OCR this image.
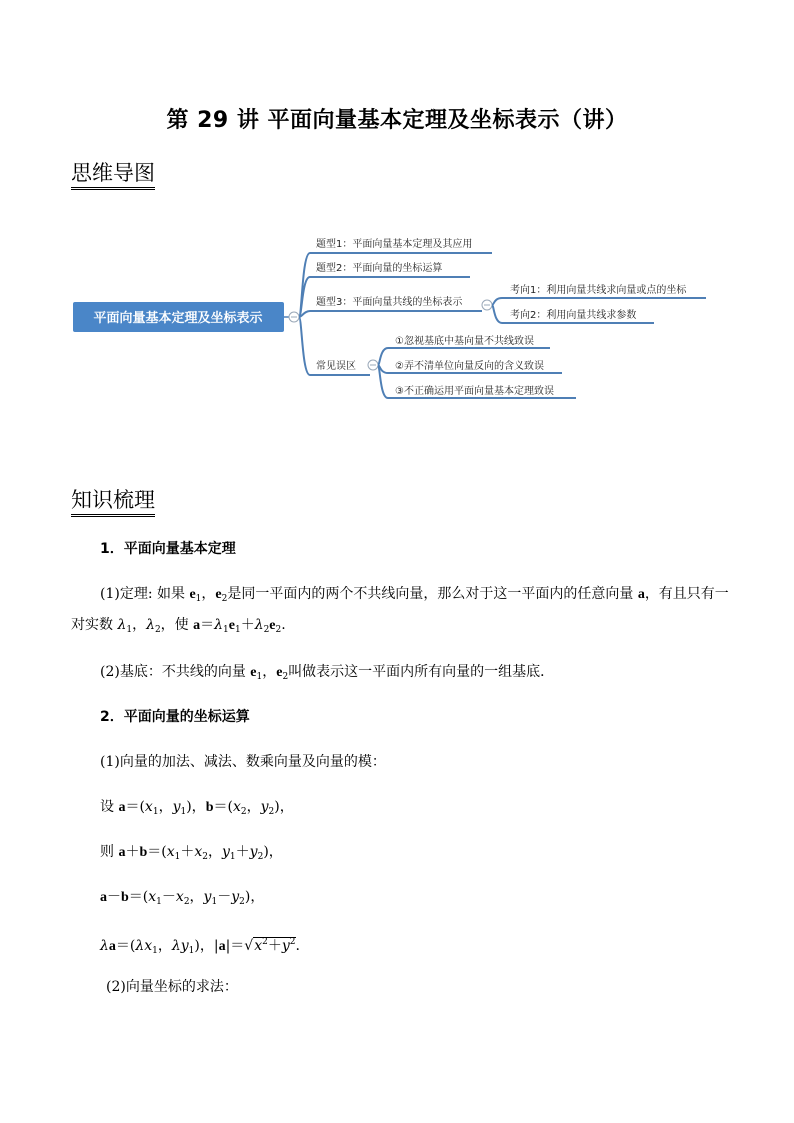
第 29 讲 平面向量基本定理及坐标表示（讲）
思维导图
平面向量基本定理及坐标表示
题型1：平面向量基本定理及其应用
题型2：平面向量的坐标运算
题型3：平面向量共线的坐标表示
常见误区
考向1：利用向量共线求向量或点的坐标
考向2：利用向量共线求参数
①忽视基底中基向量不共线致误
②弄不清单位向量反向的含义致误
③不正确运用平面向量基本定理致误
知识梳理
1．平面向量基本定理
(1)定理: 如果 $e_1$，$e_2$是同一平面内的两个不共线向量，那么对于这一平面内的任意向量 a，有且只有一
对实数 $\lambda_1$，$\lambda_2$，使 $a=\lambda_1e_1+\lambda_2e_2$.
(2)基底：不共线的向量 $e_1$，$e_2$叫做表示这一平面内所有向量的一组基底．
2．平面向量的坐标运算
(1)向量的加法、减法、数乘向量及向量的模：
设 $a=(x_1$，$y_1$)，$b=(x_2$，$y_2$)，
则 $a+b=(x_1+x_2$，$y_1+y_2$)，
$a-b=(x_1-x_2$，$y_1-y_2$)，
$\lambda a=(\lambda x_1$，$\lambda y_1$)，$|a|=√x^2+y^2$.
(2)向量坐标的求法：
